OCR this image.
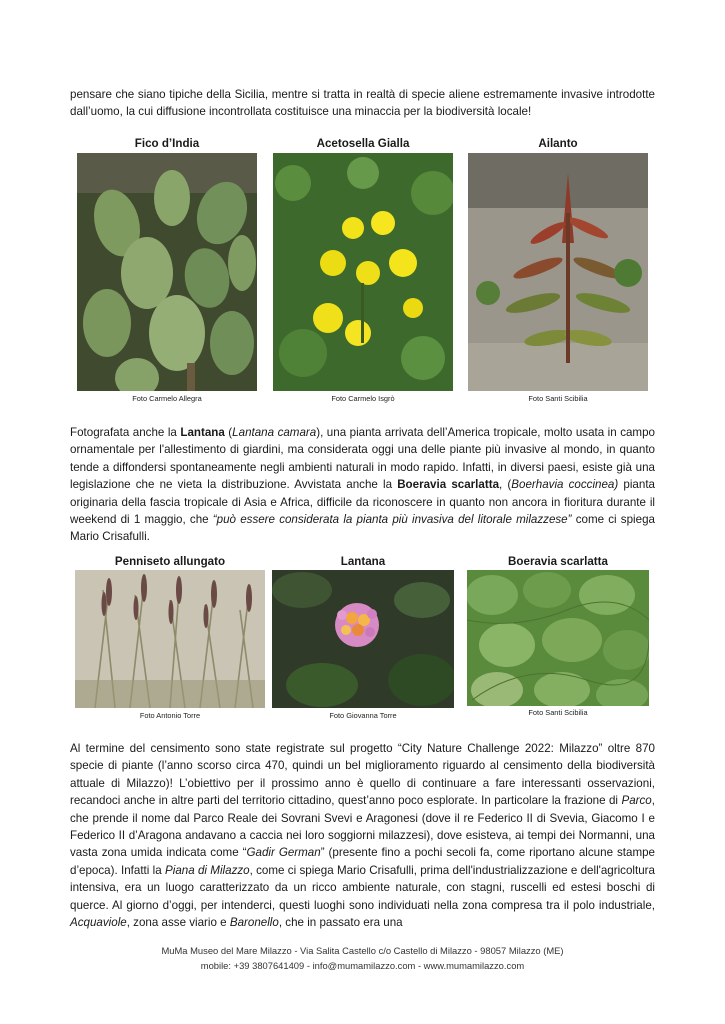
pensare che siano tipiche della Sicilia, mentre si tratta in realtà di specie aliene estremamente invasive introdotte dall’uomo, la cui diffusione incontrollata costituisce una minaccia per la biodiversità locale!

Fico d’India	Acetosella Gialla	Ailanto
Foto Carmelo Allegra	Foto Carmelo Isgrò	Foto Santi Scibilia

Fotografata anche la Lantana (Lantana camara), una pianta arrivata dell’America tropicale, molto usata in campo ornamentale per l'allestimento di giardini, ma considerata oggi una delle piante più invasive al mondo, in quanto tende a diffondersi spontaneamente negli ambienti naturali in modo rapido. Infatti, in diversi paesi, esiste già una legislazione che ne vieta la distribuzione. Avvistata anche la Boeravia scarlatta, (Boerhavia coccinea) pianta originaria della fascia tropicale di Asia e Africa, difficile da riconoscere in quanto non ancora in fioritura durante il weekend di 1 maggio, che “può essere considerata la pianta più invasiva del litorale milazzese” come ci spiega Mario Crisafulli.

Penniseto allungato	Lantana	Boeravia scarlatta
Foto Antonio Torre	Foto Giovanna Torre	Foto Santi Scibilia

Al termine del censimento sono state registrate sul progetto “City Nature Challenge 2022: Milazzo” oltre 870 specie di piante (l’anno scorso circa 470, quindi un bel miglioramento riguardo al censimento della biodiversità attuale di Milazzo)! L’obiettivo per il prossimo anno è quello di continuare a fare interessanti osservazioni, recandoci anche in altre parti del territorio cittadino, quest’anno poco esplorate. In particolare la frazione di Parco, che prende il nome dal Parco Reale dei Sovrani Svevi e Aragonesi (dove il re Federico II di Svevia, Giacomo I e Federico II d’Aragona andavano a caccia nei loro soggiorni milazzesi), dove esisteva, ai tempi dei Normanni, una vasta zona umida indicata come “Gadir German” (presente fino a pochi secoli fa, come riportano alcune stampe d’epoca). Infatti la Piana di Milazzo, come ci spiega Mario Crisafulli, prima dell'industrializzazione e dell'agricoltura intensiva, era un luogo caratterizzato da un ricco ambiente naturale, con stagni, ruscelli ed estesi boschi di querce. Al giorno d’oggi, per intenderci, questi luoghi sono individuati nella zona compresa tra il polo industriale, Acquaviole, zona asse viario e Baronello, che in passato era una

MuMa Museo del Mare Milazzo - Via Salita Castello c/o Castello di Milazzo - 98057 Milazzo (ME)
mobile: +39 3807641409 - info@mumamilazzo.com - www.mumamilazzo.com
